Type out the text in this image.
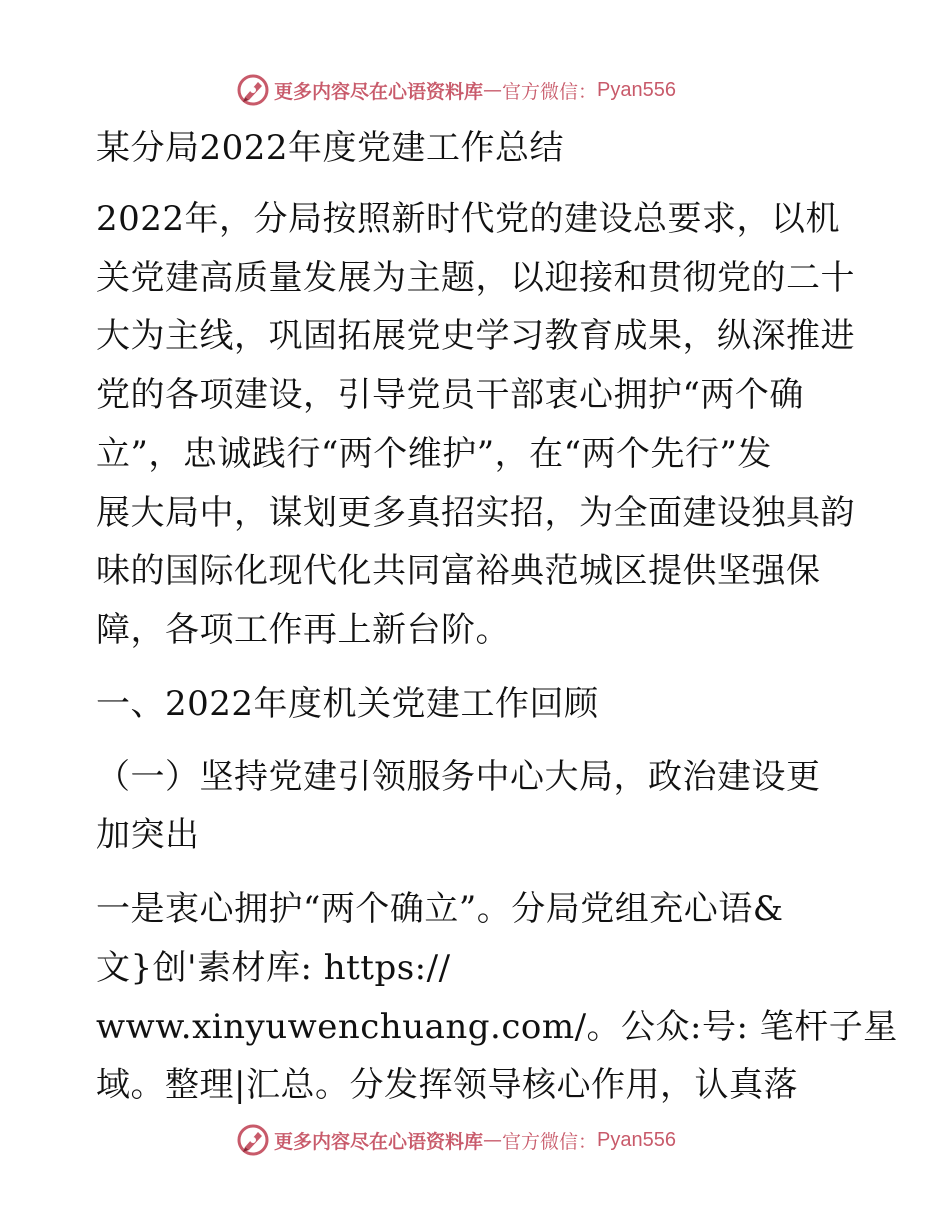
更多内容尽在心语资料库 — 官方微信： Pyan556
某分局2022年度党建工作总结
2022年，分局按照新时代党的建设总要求，以机
关党建高质量发展为主题，以迎接和贯彻党的二十
大为主线，巩固拓展党史学习教育成果，纵深推进
党的各项建设，引导党员干部衷心拥护“两个确
立”，忠诚践行“两个维护”，在“两个先行”发
展大局中，谋划更多真招实招，为全面建设独具韵
味的国际化现代化共同富裕典范城区提供坚强保
障，各项工作再上新台阶。
一、2022年度机关党建工作回顾
（一）坚持党建引领服务中心大局，政治建设更
加突出
一是衷心拥护“两个确立”。分局党组充心语&
文}创'素材库: https://
www.xinyuwenchuang.com/。公众:号: 笔杆子星
域。整理|汇总。分发挥领导核心作用，认真落
更多内容尽在心语资料库 — 官方微信： Pyan556
